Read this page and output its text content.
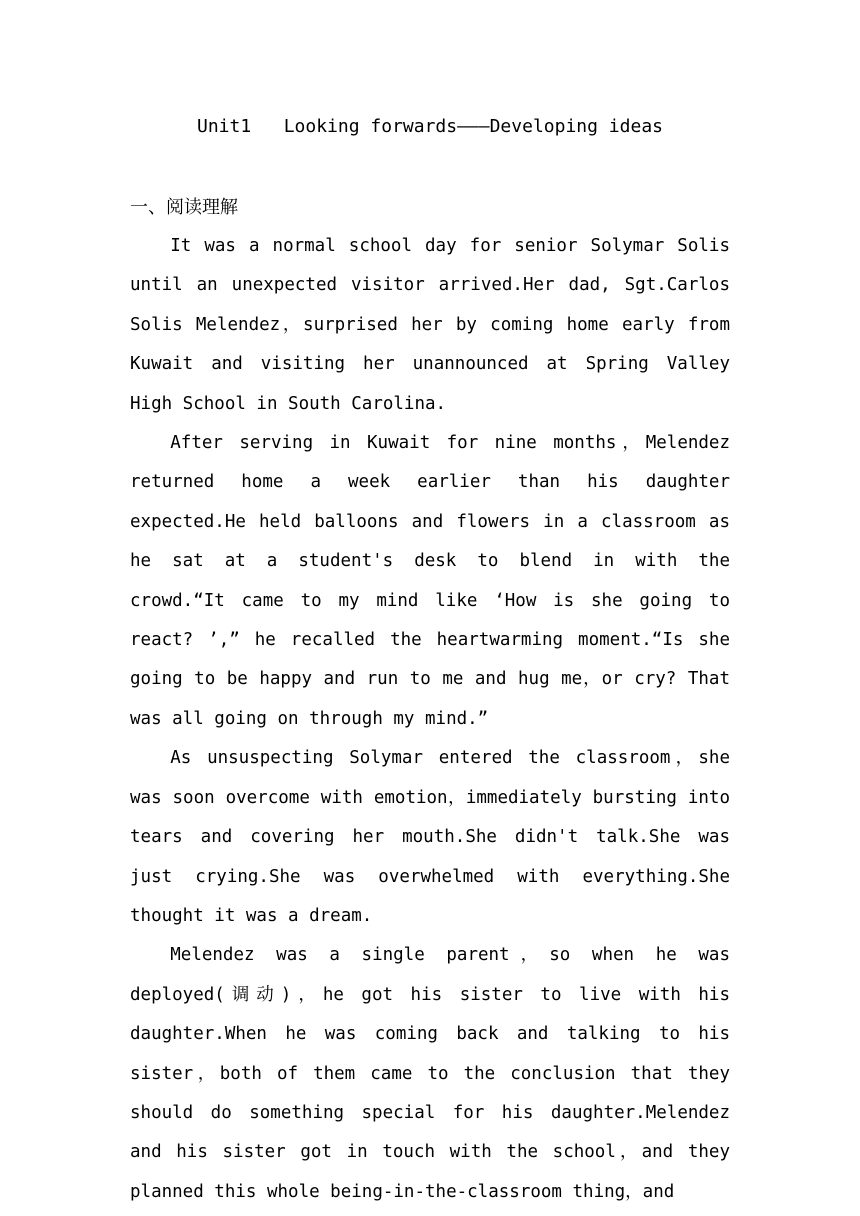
Unit1   Looking forwards———Developing ideas
一、阅读理解

It was a normal school day for senior Solymar Solis until an unexpected visitor arrived.Her dad, Sgt.Carlos Solis Melendez，surprised her by coming home early from Kuwait and visiting her unannounced at Spring Valley High School in South Carolina.

After serving in Kuwait for nine months，Melendez returned home a week earlier than his daughter expected.He held balloons and flowers in a classroom as he sat at a student's desk to blend in with the crowd.“It came to my mind like ‘How is she going to react? ’,” he recalled the heartwarming moment.“Is she going to be happy and run to me and hug me，or cry? That was all going on through my mind.”

As unsuspecting Solymar entered the classroom，she was soon overcome with emotion，immediately bursting into tears and covering her mouth.She didn't talk.She was just crying.She was overwhelmed with everything.She thought it was a dream.

Melendez was a single parent，so when he was deployed(调动)，he got his sister to live with his daughter.When he was coming back and talking to his sister，both of them came to the conclusion that they should do something special for his daughter.Melendez and his sister got in touch with the school，and they planned this whole being-in-the-classroom thing，and
